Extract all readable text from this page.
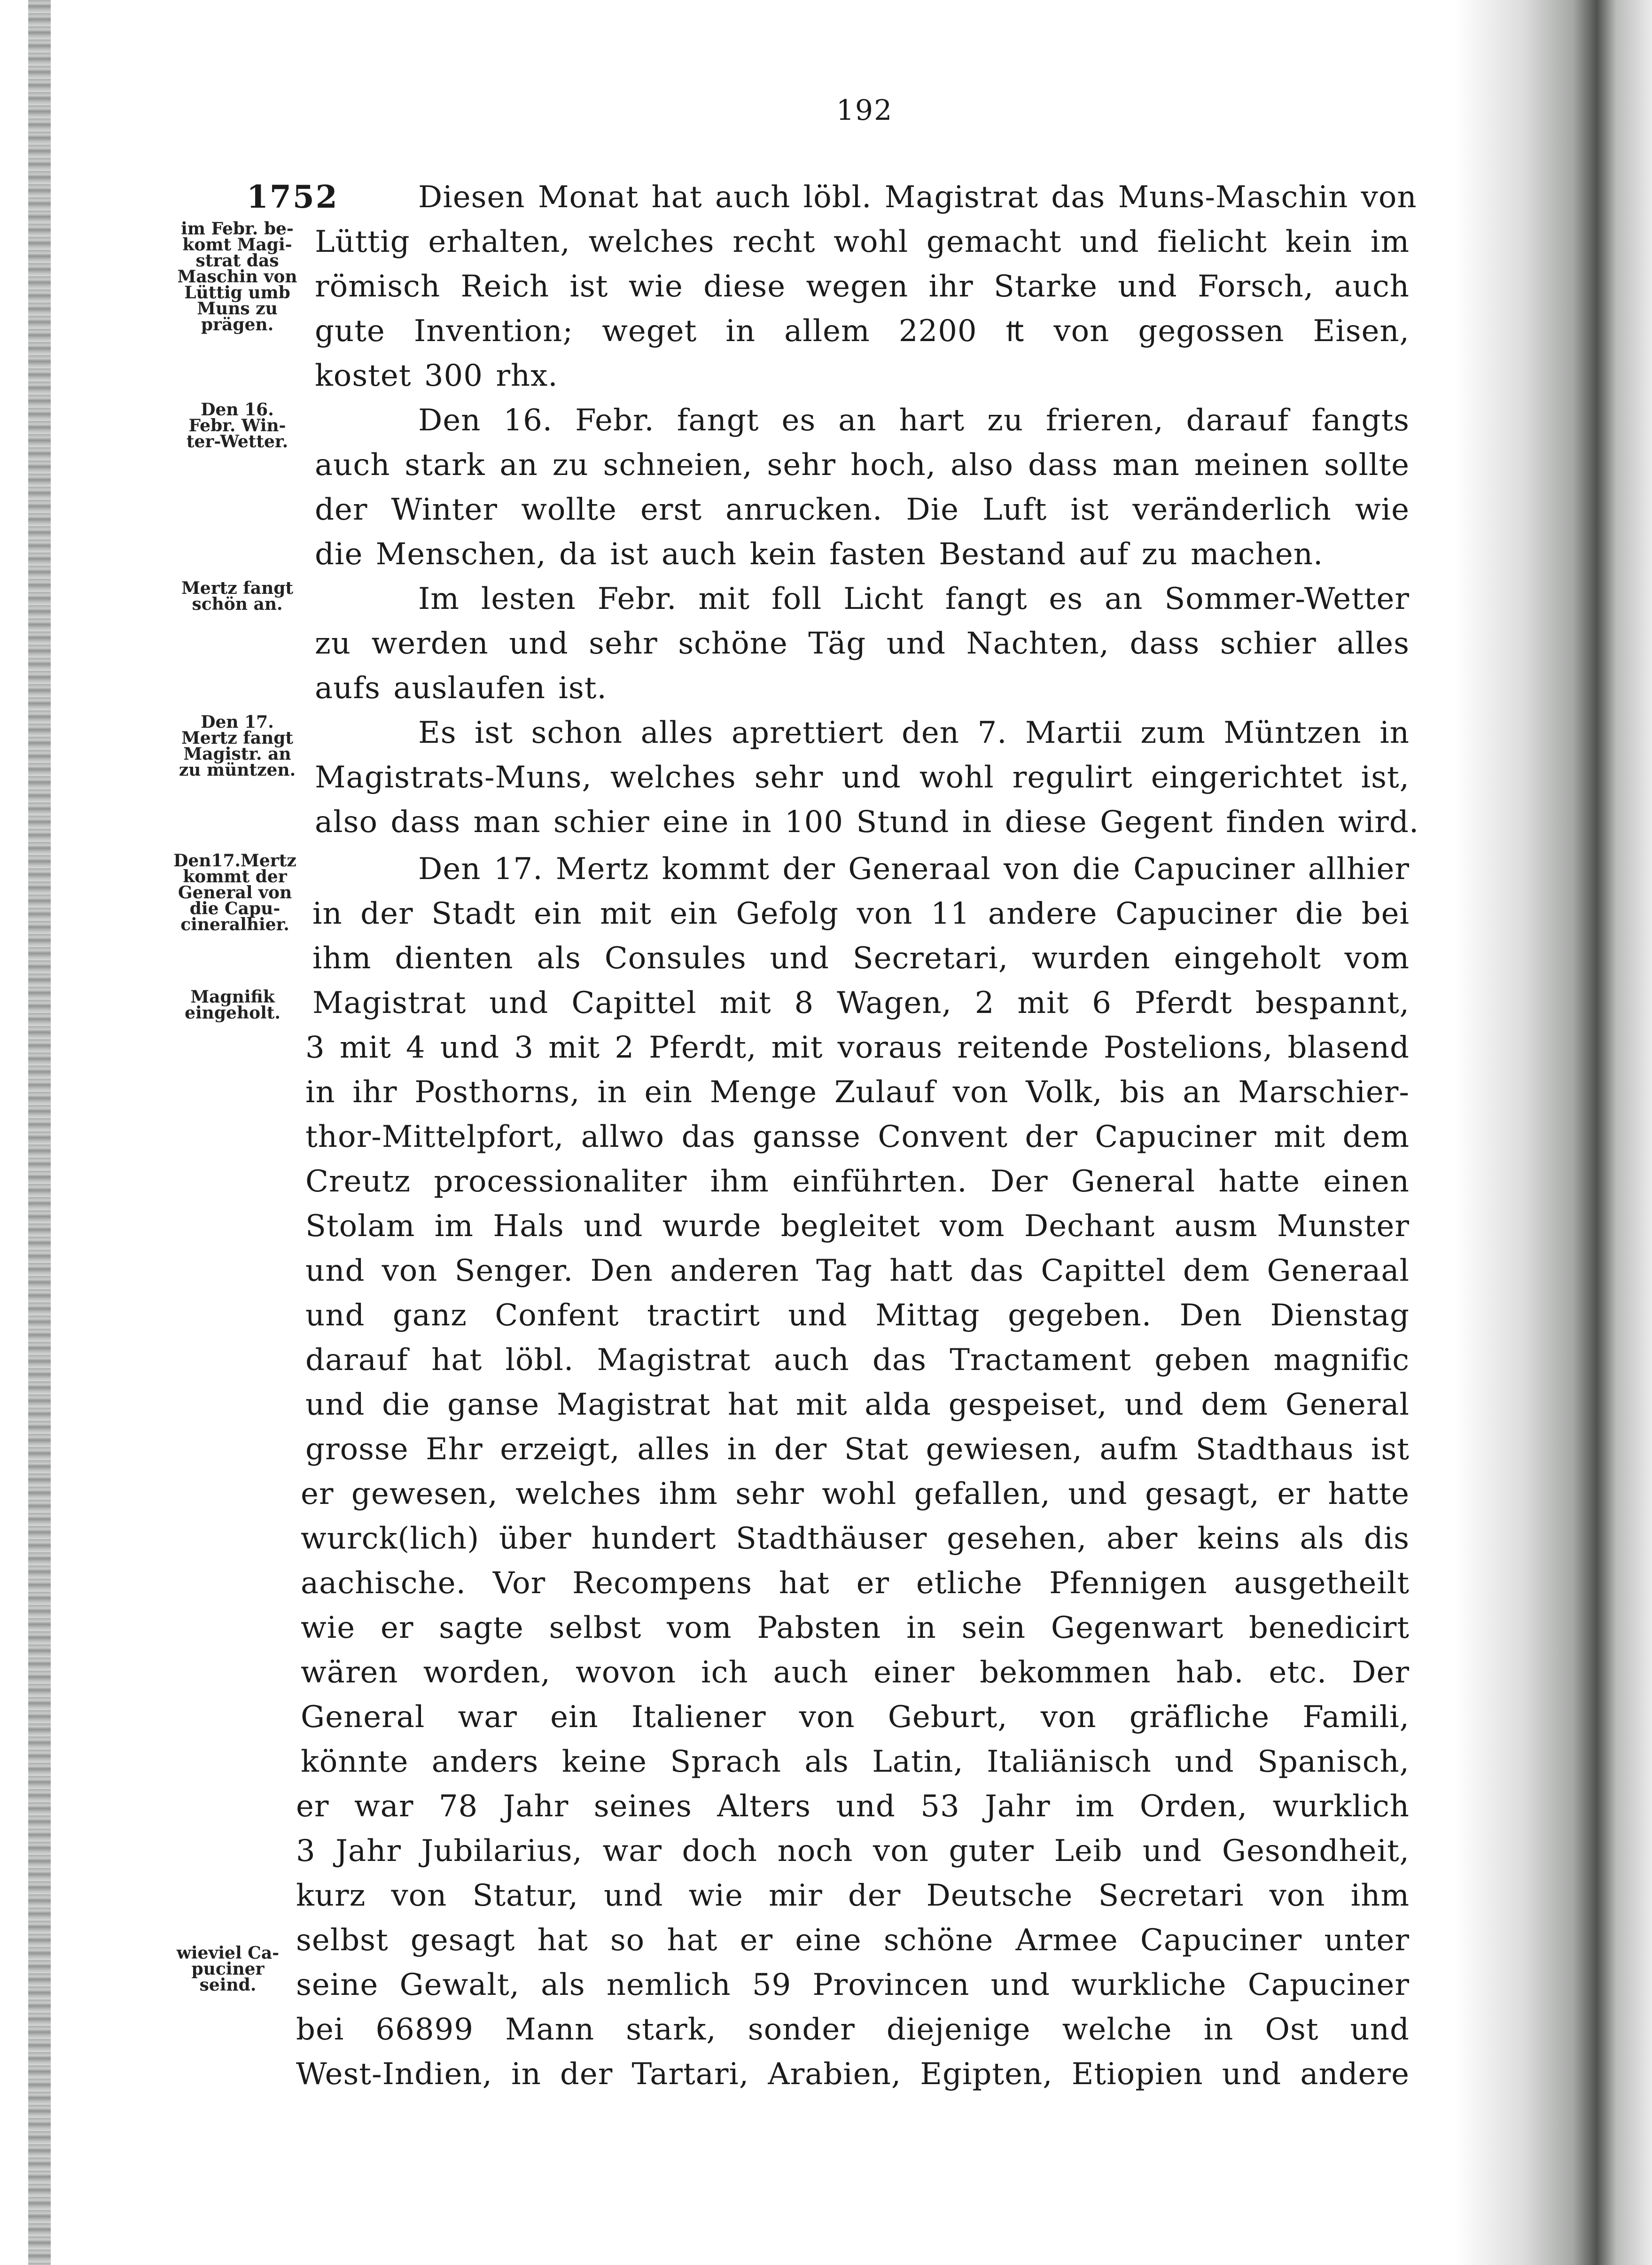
192
1752
im Febr. be-
komt Magi-
strat das
Maschin von
Lüttig umb
Muns zu
prägen.
Den 16.
Febr. Win-
ter-Wetter.
Mertz fangt
schön an.
Den 17.
Mertz fangt
Magistr. an
zu müntzen.
Den17.Mertz
kommt der
General von
die Capu-
cineralhier.
Magnifik
eingeholt.
wieviel Ca-
puciner
seind.
Diesen Monat hat auch löbl. Magistrat das Muns-Maschin von
Lüttig erhalten, welches recht wohl gemacht und fielicht kein im
römisch Reich ist wie diese wegen ihr Starke und Forsch, auch
gute Invention; weget in allem 2200 ₶ von gegossen Eisen,
kostet 300 rhx.
Den 16. Febr. fangt es an hart zu frieren, darauf fangts
auch stark an zu schneien, sehr hoch, also dass man meinen sollte
der Winter wollte erst anrucken. Die Luft ist veränderlich wie
die Menschen, da ist auch kein fasten Bestand auf zu machen.
Im lesten Febr. mit foll Licht fangt es an Sommer-Wetter
zu werden und sehr schöne Täg und Nachten, dass schier alles
aufs auslaufen ist.
Es ist schon alles aprettiert den 7. Martii zum Müntzen in
Magistrats-Muns, welches sehr und wohl regulirt eingerichtet ist,
also dass man schier eine in 100 Stund in diese Gegent finden wird.
Den 17. Mertz kommt der Generaal von die Capuciner allhier
in der Stadt ein mit ein Gefolg von 11 andere Capuciner die bei
ihm dienten als Consules und Secretari, wurden eingeholt vom
Magistrat und Capittel mit 8 Wagen, 2 mit 6 Pferdt bespannt,
3 mit 4 und 3 mit 2 Pferdt, mit voraus reitende Postelions, blasend
in ihr Posthorns, in ein Menge Zulauf von Volk, bis an Marschier-
thor-Mittelpfort, allwo das gansse Convent der Capuciner mit dem
Creutz processionaliter ihm einführten. Der General hatte einen
Stolam im Hals und wurde begleitet vom Dechant ausm Munster
und von Senger. Den anderen Tag hatt das Capittel dem Generaal
und ganz Confent tractirt und Mittag gegeben. Den Dienstag
darauf hat löbl. Magistrat auch das Tractament geben magnific
und die ganse Magistrat hat mit alda gespeiset, und dem General
grosse Ehr erzeigt, alles in der Stat gewiesen, aufm Stadthaus ist
er gewesen, welches ihm sehr wohl gefallen, und gesagt, er hatte
wurck(lich) über hundert Stadthäuser gesehen, aber keins als dis
aachische. Vor Recompens hat er etliche Pfennigen ausgetheilt
wie er sagte selbst vom Pabsten in sein Gegenwart benedicirt
wären worden, wovon ich auch einer bekommen hab. etc. Der
General war ein Italiener von Geburt, von gräfliche Famili,
könnte anders keine Sprach als Latin, Italiänisch und Spanisch,
er war 78 Jahr seines Alters und 53 Jahr im Orden, wurklich
3 Jahr Jubilarius, war doch noch von guter Leib und Gesondheit,
kurz von Statur, und wie mir der Deutsche Secretari von ihm
selbst gesagt hat so hat er eine schöne Armee Capuciner unter
seine Gewalt, als nemlich 59 Provincen und wurkliche Capuciner
bei 66899 Mann stark, sonder diejenige welche in Ost und
West-Indien, in der Tartari, Arabien, Egipten, Etiopien und andere
